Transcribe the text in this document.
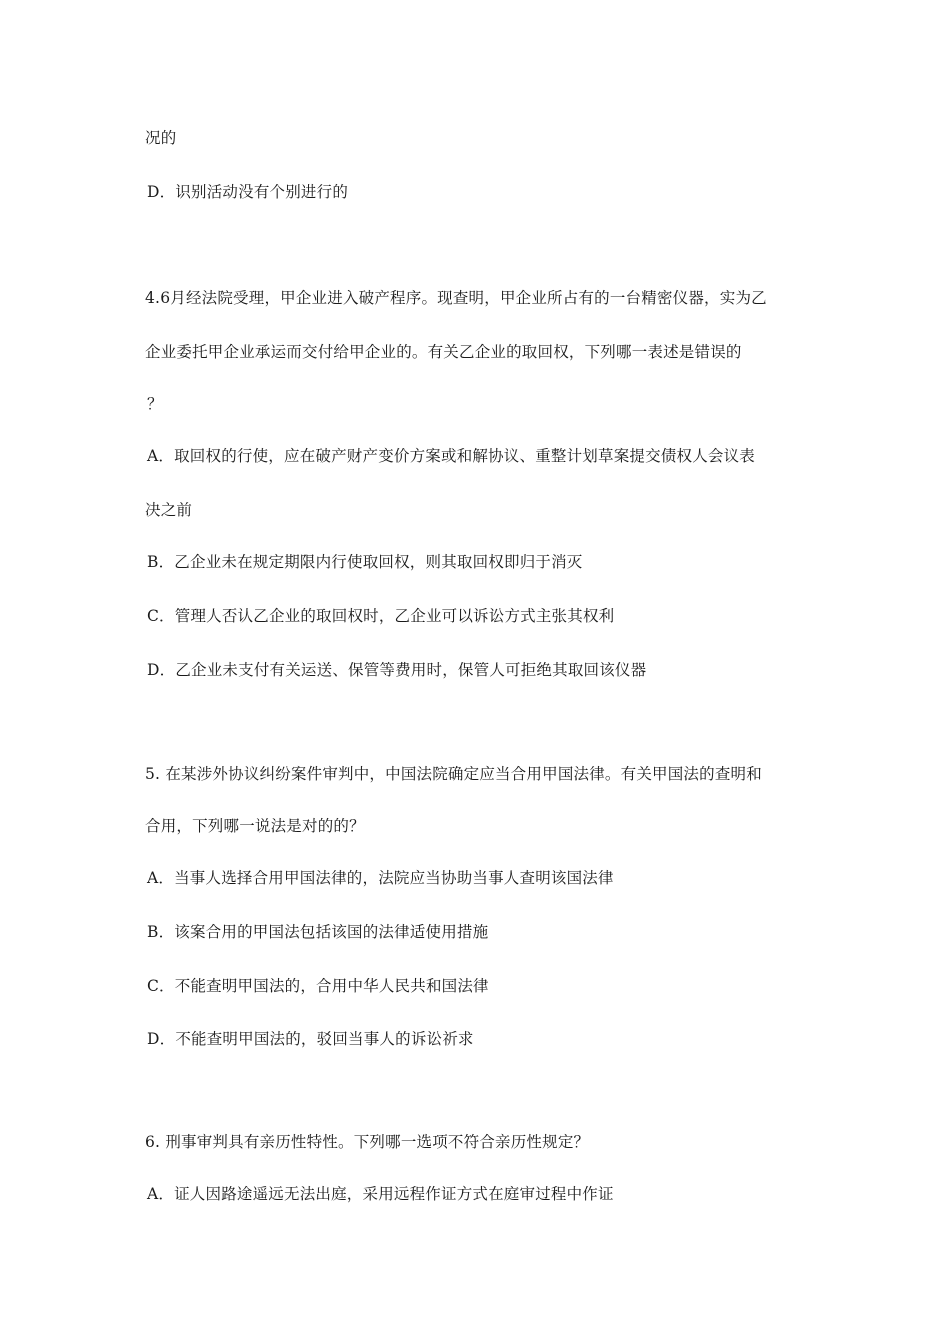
况的
D．识别活动没有个别进行的
4.6月经法院受理，甲企业进入破产程序。现查明，甲企业所占有的一台精密仪器，实为乙
企业委托甲企业承运而交付给甲企业的。有关乙企业的取回权，下列哪一表述是错误的
？
A．取回权的行使，应在破产财产变价方案或和解协议、重整计划草案提交债权人会议表
决之前
B．乙企业未在规定期限内行使取回权，则其取回权即归于消灭
C．管理人否认乙企业的取回权时，乙企业可以诉讼方式主张其权利
D．乙企业未支付有关运送、保管等费用时，保管人可拒绝其取回该仪器
5. 在某涉外协议纠纷案件审判中，中国法院确定应当合用甲国法律。有关甲国法的查明和
合用，下列哪一说法是对的的？
A．当事人选择合用甲国法律的，法院应当协助当事人查明该国法律
B．该案合用的甲国法包括该国的法律适使用措施
C．不能查明甲国法的，合用中华人民共和国法律
D．不能查明甲国法的，驳回当事人的诉讼祈求
6. 刑事审判具有亲历性特性。下列哪一选项不符合亲历性规定？
A．证人因路途遥远无法出庭，采用远程作证方式在庭审过程中作证
